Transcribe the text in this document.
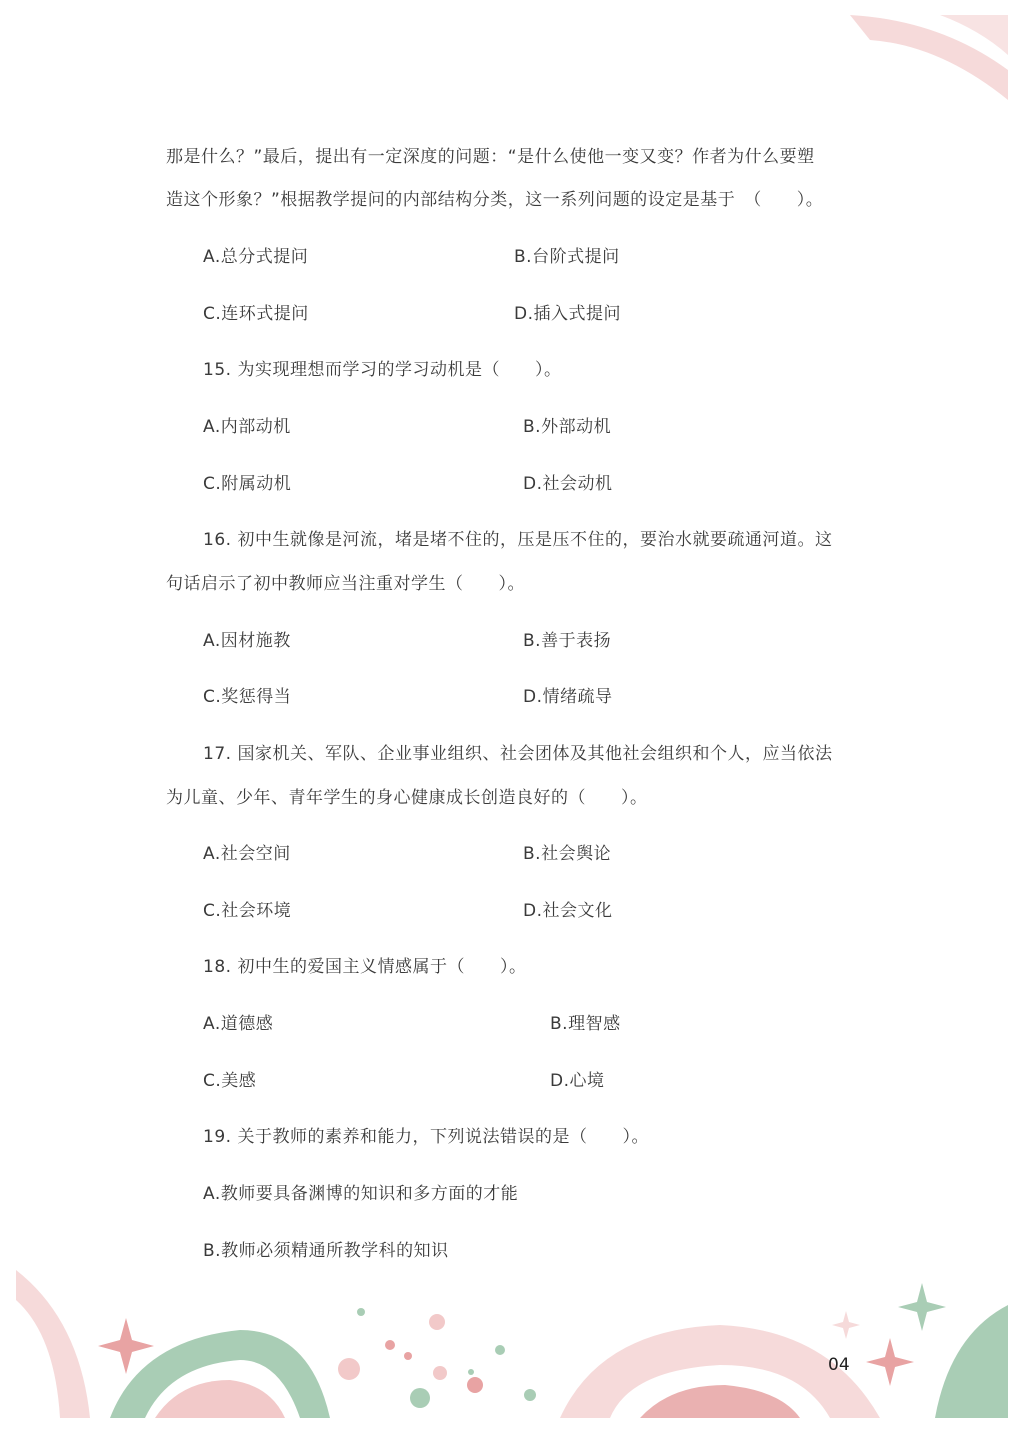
那是什么？”最后，提出有一定深度的问题：“是什么使他一变又变？作者为什么要塑
造这个形象？”根据教学提问的内部结构分类，这一系列问题的设定是基于　（　　）。
A.总分式提问	B.台阶式提问
C.连环式提问	D.插入式提问
15. 为实现理想而学习的学习动机是（　　）。
A.内部动机	B.外部动机
C.附属动机	D.社会动机
16. 初中生就像是河流，堵是堵不住的，压是压不住的，要治水就要疏通河道。这
句话启示了初中教师应当注重对学生（　　）。
A.因材施教	B.善于表扬
C.奖惩得当	D.情绪疏导
17. 国家机关、军队、企业事业组织、社会团体及其他社会组织和个人，应当依法
为儿童、少年、青年学生的身心健康成长创造良好的（　　）。
A.社会空间	B.社会舆论
C.社会环境	D.社会文化
18. 初中生的爱国主义情感属于（　　）。
A.道德感	B.理智感
C.美感	D.心境
19. 关于教师的素养和能力，下列说法错误的是（　　）。
A.教师要具备渊博的知识和多方面的才能
B.教师必须精通所教学科的知识
04
